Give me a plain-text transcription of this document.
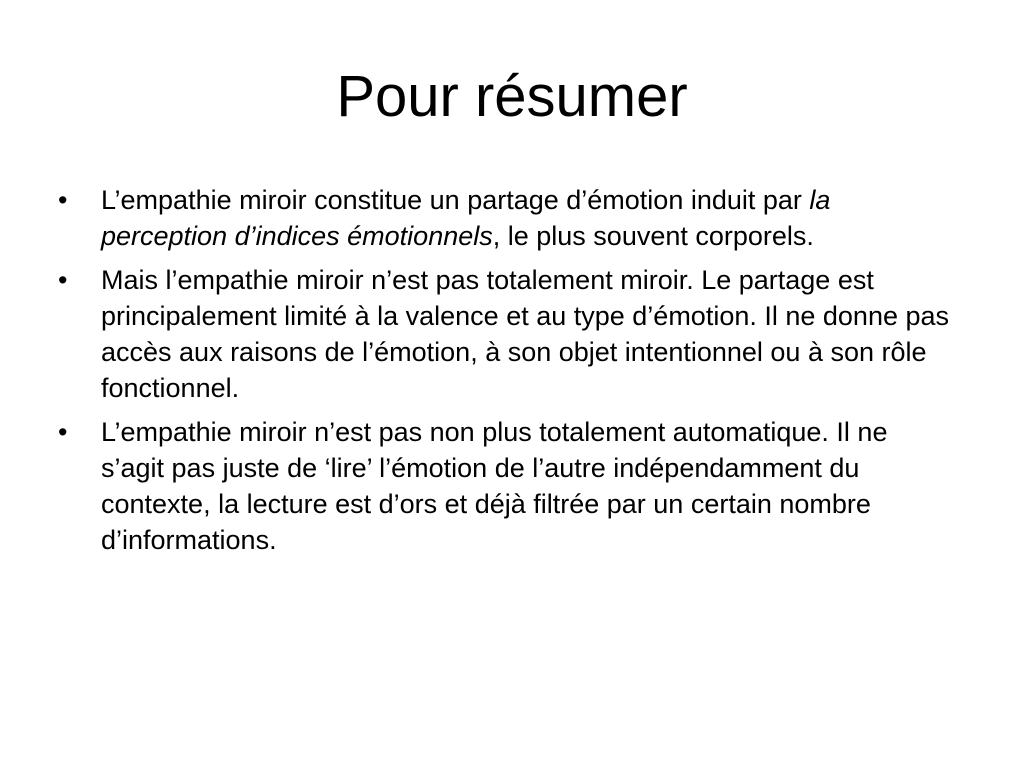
Pour résumer
•	L’empathie miroir constitue un partage d’émotion induit par la perception d’indices émotionnels, le plus souvent corporels.
•	Mais l’empathie miroir n’est pas totalement miroir. Le partage est principalement limité à la valence et au type d’émotion. Il ne donne pas accès aux raisons de l’émotion, à son objet intentionnel ou à son rôle fonctionnel.
•	L’empathie miroir n’est pas non plus totalement automatique. Il ne s’agit pas juste de ‘lire’ l’émotion de l’autre indépendamment du contexte, la lecture est d’ors et déjà filtrée par un certain nombre d’informations.
